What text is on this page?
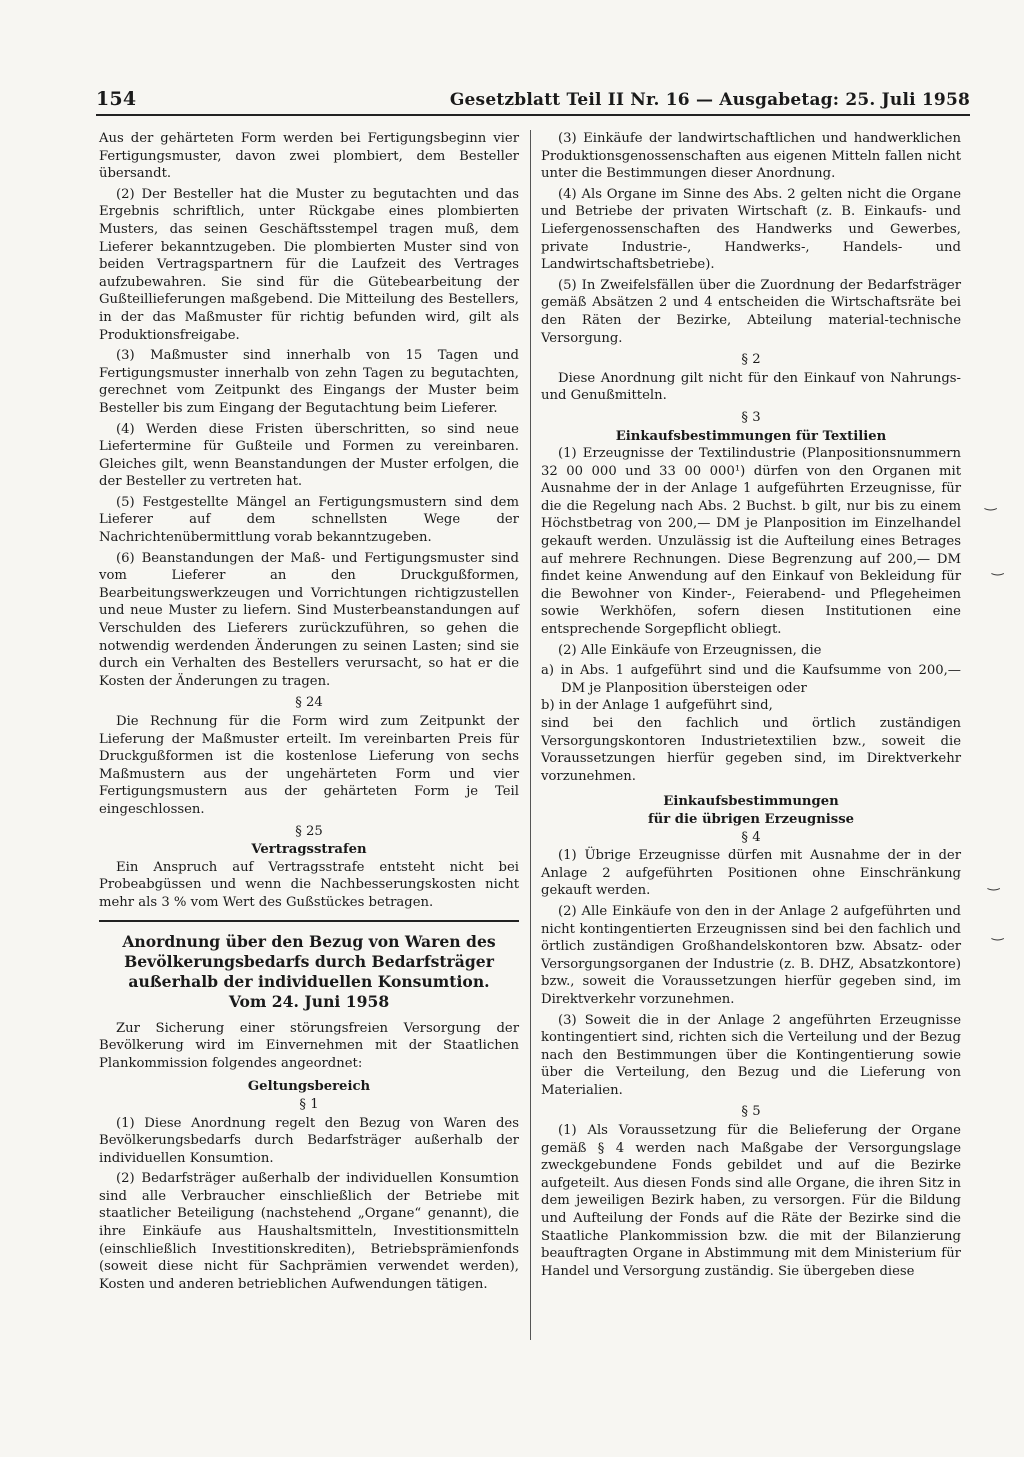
154	Gesetzblatt Teil II Nr. 16 — Ausgabetag: 25. Juli 1958

Aus der gehärteten Form werden bei Fertigungsbeginn vier Fertigungsmuster, davon zwei plombiert, dem Besteller übersandt.

(2) Der Besteller hat die Muster zu begutachten und das Ergebnis schriftlich, unter Rückgabe eines plombierten Musters, das seinen Geschäftsstempel tragen muß, dem Lieferer bekanntzugeben. Die plombierten Muster sind von beiden Vertragspartnern für die Laufzeit des Vertrages aufzubewahren. Sie sind für die Gütebearbeitung der Gußteillieferungen maßgebend. Die Mitteilung des Bestellers, in der das Maßmuster für richtig befunden wird, gilt als Produktionsfreigabe.

(3) Maßmuster sind innerhalb von 15 Tagen und Fertigungsmuster innerhalb von zehn Tagen zu begutachten, gerechnet vom Zeitpunkt des Eingangs der Muster beim Besteller bis zum Eingang der Begutachtung beim Lieferer.

(4) Werden diese Fristen überschritten, so sind neue Liefertermine für Gußteile und Formen zu vereinbaren. Gleiches gilt, wenn Beanstandungen der Muster erfolgen, die der Besteller zu vertreten hat.

(5) Festgestellte Mängel an Fertigungsmustern sind dem Lieferer auf dem schnellsten Wege der Nachrichtenübermittlung vorab bekanntzugeben.

(6) Beanstandungen der Maß- und Fertigungsmuster sind vom Lieferer an den Druckgußformen, Bearbeitungswerkzeugen und Vorrichtungen richtigzustellen und neue Muster zu liefern. Sind Musterbeanstandungen auf Verschulden des Lieferers zurückzuführen, so gehen die notwendig werdenden Änderungen zu seinen Lasten; sind sie durch ein Verhalten des Bestellers verursacht, so hat er die Kosten der Änderungen zu tragen.

§ 24

Die Rechnung für die Form wird zum Zeitpunkt der Lieferung der Maßmuster erteilt. Im vereinbarten Preis für Druckgußformen ist die kostenlose Lieferung von sechs Maßmustern aus der ungehärteten Form und vier Fertigungsmustern aus der gehärteten Form je Teil eingeschlossen.

§ 25
Vertragsstrafen

Ein Anspruch auf Vertragsstrafe entsteht nicht bei Probeabgüssen und wenn die Nachbesserungskosten nicht mehr als 3 % vom Wert des Gußstückes betragen.

Anordnung über den Bezug von Waren des Bevölkerungsbedarfs durch Bedarfsträger außerhalb der individuellen Konsumtion.

Vom 24. Juni 1958

Zur Sicherung einer störungsfreien Versorgung der Bevölkerung wird im Einvernehmen mit der Staatlichen Plankommission folgendes angeordnet:

Geltungsbereich
§ 1

(1) Diese Anordnung regelt den Bezug von Waren des Bevölkerungsbedarfs durch Bedarfsträger außerhalb der individuellen Konsumtion.

(2) Bedarfsträger außerhalb der individuellen Konsumtion sind alle Verbraucher einschließlich der Betriebe mit staatlicher Beteiligung (nachstehend „Organe“ genannt), die ihre Einkäufe aus Haushaltsmitteln, Investitionsmitteln (einschließlich Investitionskrediten), Betriebsprämienfonds (soweit diese nicht für Sachprämien verwendet werden), Kosten und anderen betrieblichen Aufwendungen tätigen.

(3) Einkäufe der landwirtschaftlichen und handwerklichen Produktionsgenossenschaften aus eigenen Mitteln fallen nicht unter die Bestimmungen dieser Anordnung.

(4) Als Organe im Sinne des Abs. 2 gelten nicht die Organe und Betriebe der privaten Wirtschaft (z. B. Einkaufs- und Liefergenossenschaften des Handwerks und Gewerbes, private Industrie-, Handwerks-, Handels- und Landwirtschaftsbetriebe).

(5) In Zweifelsfällen über die Zuordnung der Bedarfsträger gemäß Absätzen 2 und 4 entscheiden die Wirtschaftsräte bei den Räten der Bezirke, Abteilung material-technische Versorgung.

§ 2

Diese Anordnung gilt nicht für den Einkauf von Nahrungs- und Genußmitteln.

§ 3
Einkaufsbestimmungen für Textilien

(1) Erzeugnisse der Textilindustrie (Planpositionsnummern 32 00 000 und 33 00 000¹) dürfen von den Organen mit Ausnahme der in der Anlage 1 aufgeführten Erzeugnisse, für die die Regelung nach Abs. 2 Buchst. b gilt, nur bis zu einem Höchstbetrag von 200,— DM je Planposition im Einzelhandel gekauft werden. Unzulässig ist die Aufteilung eines Betrages auf mehrere Rechnungen. Diese Begrenzung auf 200,— DM findet keine Anwendung auf den Einkauf von Bekleidung für die Bewohner von Kinder-, Feierabend- und Pflegeheimen sowie Werkhöfen, sofern diesen Institutionen eine entsprechende Sorgepflicht obliegt.

(2) Alle Einkäufe von Erzeugnissen, die

a) in Abs. 1 aufgeführt sind und die Kaufsumme von 200,— DM je Planposition übersteigen oder

b) in der Anlage 1 aufgeführt sind,

sind bei den fachlich und örtlich zuständigen Versorgungskontoren Industrietextilien bzw., soweit die Voraussetzungen hierfür gegeben sind, im Direktverkehr vorzunehmen.

Einkaufsbestimmungen
für die übrigen Erzeugnisse
§ 4

(1) Übrige Erzeugnisse dürfen mit Ausnahme der in der Anlage 2 aufgeführten Positionen ohne Einschränkung gekauft werden.

(2) Alle Einkäufe von den in der Anlage 2 aufgeführten und nicht kontingentierten Erzeugnissen sind bei den fachlich und örtlich zuständigen Großhandelskontoren bzw. Absatz- oder Versorgungsorganen der Industrie (z. B. DHZ, Absatzkontore) bzw., soweit die Voraussetzungen hierfür gegeben sind, im Direktverkehr vorzunehmen.

(3) Soweit die in der Anlage 2 angeführten Erzeugnisse kontingentiert sind, richten sich die Verteilung und der Bezug nach den Bestimmungen über die Kontingentierung sowie über die Verteilung, den Bezug und die Lieferung von Materialien.

§ 5

(1) Als Voraussetzung für die Belieferung der Organe gemäß § 4 werden nach Maßgabe der Versorgungslage zweckgebundene Fonds gebildet und auf die Bezirke aufgeteilt. Aus diesen Fonds sind alle Organe, die ihren Sitz in dem jeweiligen Bezirk haben, zu versorgen. Für die Bildung und Aufteilung der Fonds auf die Räte der Bezirke sind die Staatliche Plankommission bzw. die mit der Bilanzierung beauftragten Organe in Abstimmung mit dem Ministerium für Handel und Versorgung zuständig. Sie übergeben diese

‿
‿
‿
‿
